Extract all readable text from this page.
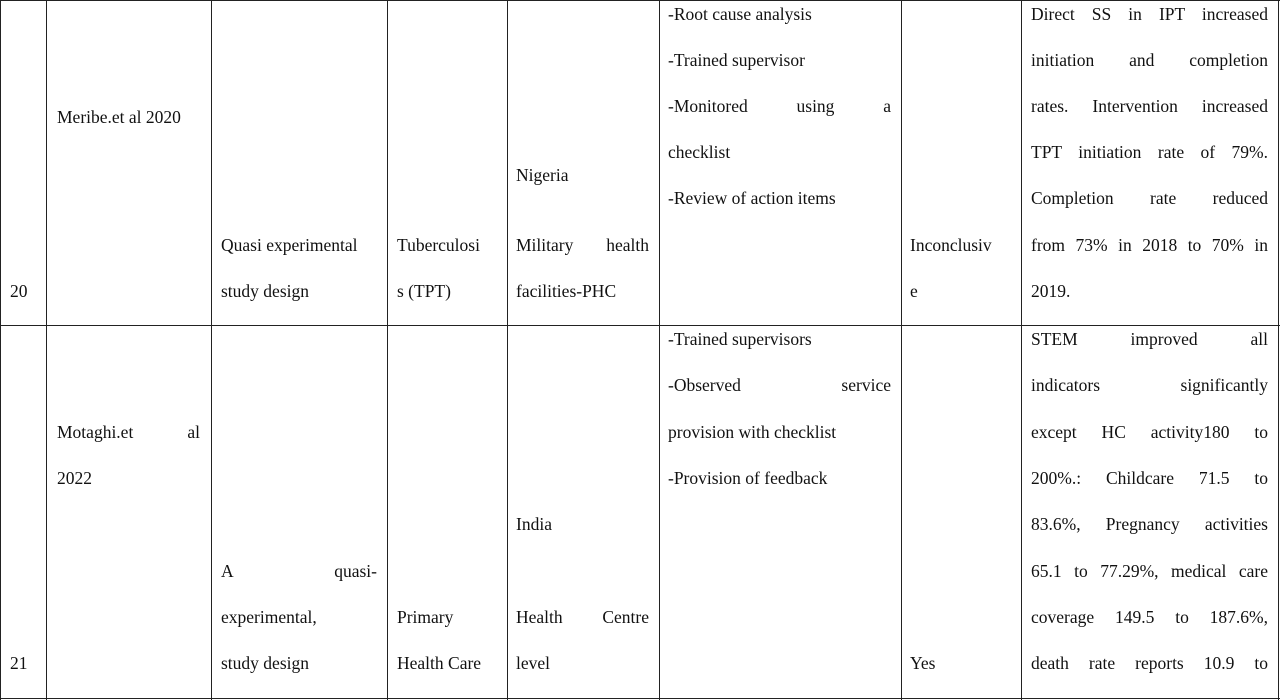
20
Meribe.et al 2020
Quasi experimental
study design
Tuberculosi
s (TPT)
Nigeria
Military health
facilities-PHC
-Root cause analysis
-Trained supervisor
-Monitored using a
checklist
-Review of action items
Inconclusiv
e
Direct SS in IPT increased
initiation and completion
rates. Intervention increased
TPT initiation rate of 79%.
Completion rate reduced
from 73% in 2018 to 70% in
2019.
21
Motaghi.et al
2022
A quasi-
experimental,
study design
Primary
Health Care
India
Health Centre
level
-Trained supervisors
-Observed service
provision with checklist
-Provision of feedback
Yes
STEM improved all
indicators significantly
except HC activity180 to
200%.: Childcare 71.5 to
83.6%, Pregnancy activities
65.1 to 77.29%, medical care
coverage 149.5 to 187.6%,
death rate reports 10.9 to
